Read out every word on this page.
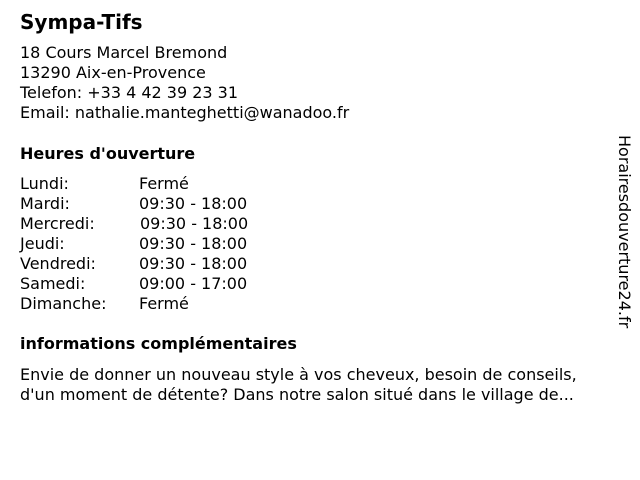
Sympa-Tifs
18 Cours Marcel Bremond
13290 Aix-en-Provence
Telefon: +33 4 42 39 23 31
Email: nathalie.manteghetti@wanadoo.fr
Heures d'ouverture
Lundi:	Fermé
Mardi:	09:30 - 18:00
Mercredi:	09:30 - 18:00
Jeudi:	09:30 - 18:00
Vendredi:	09:30 - 18:00
Samedi:	09:00 - 17:00
Dimanche: Fermé
informations complémentaires
Envie de donner un nouveau style à vos cheveux, besoin de conseils,
d'un moment de détente? Dans notre salon situé dans le village de...
Horairesdouverture24.fr
